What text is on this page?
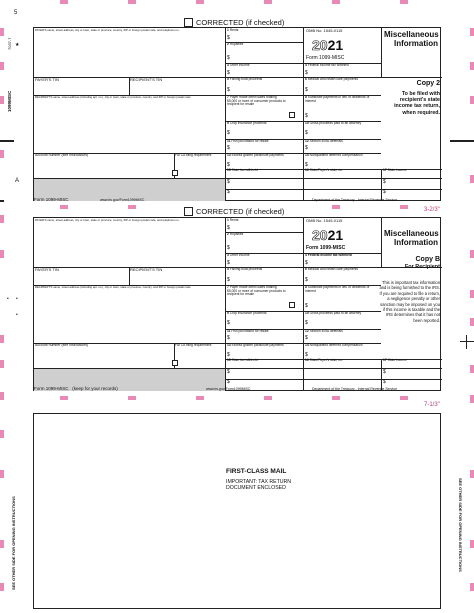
5
7037-7 ★
1099MISC
A
• •
•
CORRECTED (if checked)
PAYER'S name, street address, city or town, state or province, country, ZIP or foreign postal code, and telephone no.
PAYER'S TIN	RECIPIENT'S TIN
RECIPIENT'S name, street address (including apt. no.), city or town, state or province, country, and ZIP or foreign postal code
Account number (see instructions)	FATCA filing requirement
1 Rents
$
2 Royalties
$
3 Other income
$
4 Federal income tax withheld
$
5 Fishing boat proceeds
$
6 Medical and health care payments
$
7 Payer made direct sales totaling $5,000 or more of consumer products to recipient for resale
8 Substitute payments in lieu of dividends or interest
$
9 Crop insurance proceeds
$
10 Gross proceeds paid to an attorney
$
11 Fish purchased for resale
$
12 Section 409A deferrals
$
13 Excess golden parachute payments
$
14 Nonqualified deferred compensation
$
15 State tax withheld
$
$
16 State/Payer's state no.	17 State income
$
$
OMB No. 1545-0115
2021
Form 1099-MISC
Miscellaneous
Information
Copy 2
To be filed with recipient's state income tax return, when required.
Form 1099-MISC	www.irs.gov/Form1099MISC	Department of the Treasury - Internal Revenue Service
CORRECTED (if checked)	3-2/3"
PAYER'S name, street address, city or town, state or province, country, ZIP or foreign postal code, and telephone no.
PAYER'S TIN	RECIPIENT'S TIN
RECIPIENT'S name, street address (including apt. no.), city or town, state or province, country, and ZIP or foreign postal code
Account number (see instructions)	FATCA filing requirement
1 Rents
$
2 Royalties
$
3 Other income
$
4 Federal income tax withheld
$
5 Fishing boat proceeds
$
6 Medical and health care payments
$
7 Payer made direct sales totaling $5,000 or more of consumer products to recipient for resale
8 Substitute payments in lieu of dividends or interest
$
9 Crop insurance proceeds
$
10 Gross proceeds paid to an attorney
$
11 Fish purchased for resale
$
12 Section 409A deferrals
$
13 Excess golden parachute payments
$
14 Nonqualified deferred compensation
$
15 State tax withheld
$
$
16 State/Payer's state no.	17 State income
$
$
OMB No. 1545-0115
2021
Form 1099-MISC
Miscellaneous
Information
Copy B
For Recipient
This is important tax information and is being furnished to the IRS. If you are required to file a return, a negligence penalty or other sanction may be imposed on you if this income is taxable and the IRS determines that it has not been reported.
Form 1099-MISC (keep for your records)	www.irs.gov/Form1099MISC	Department of the Treasury - Internal Revenue Service
7-1/3"
FIRST-CLASS MAIL
IMPORTANT: TAX RETURN
DOCUMENT ENCLOSED
SEE OTHER SIDE FOR OPENING INSTRUCTIONS	SEE OTHER SIDE FOR OPENING INSTRUCTIONS
